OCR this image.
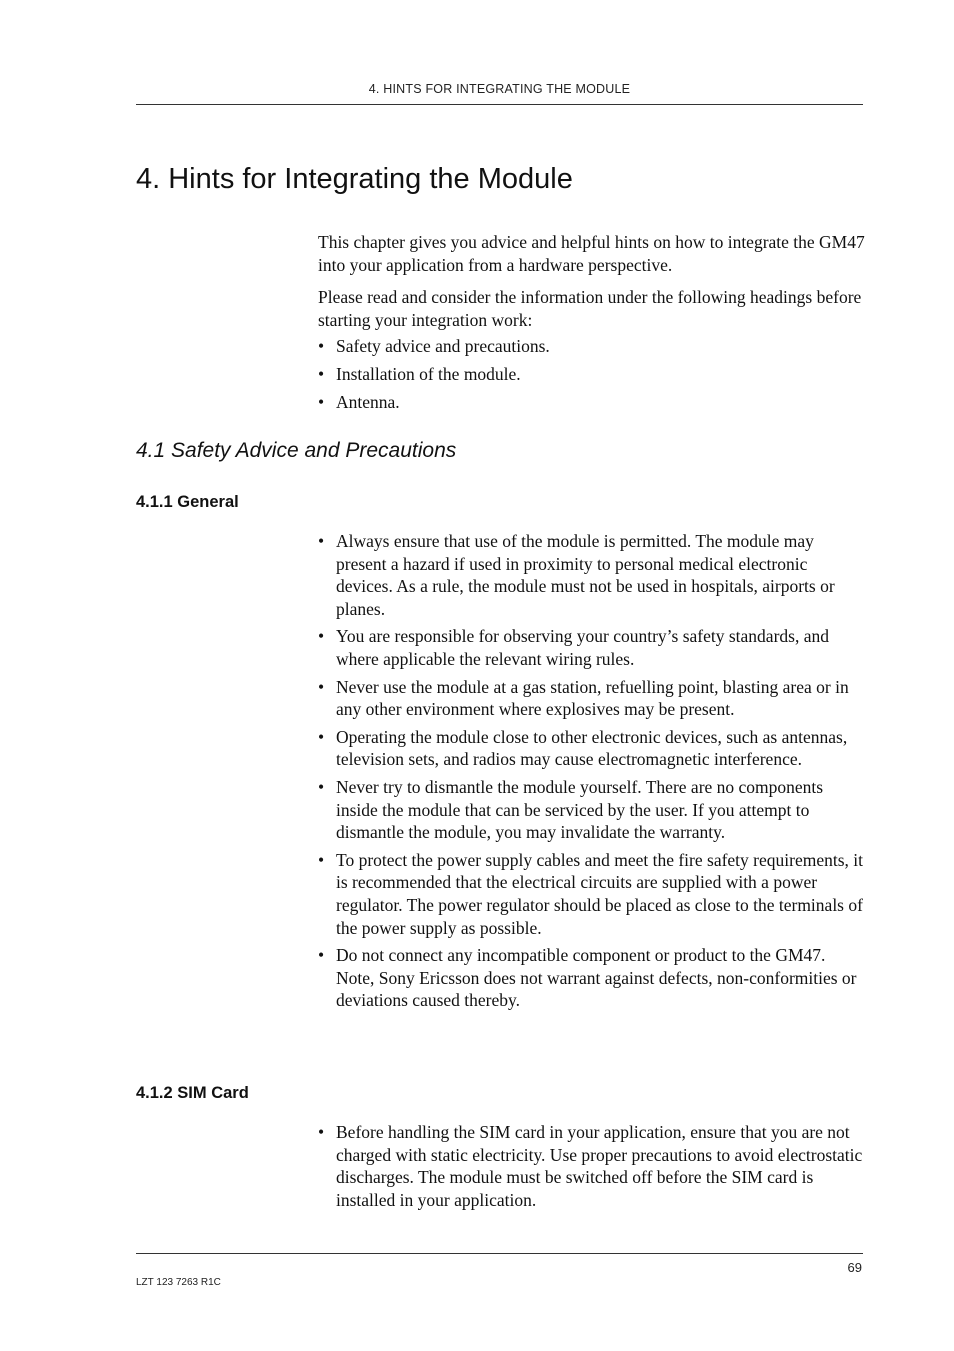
4. HINTS FOR INTEGRATING THE MODULE
4. Hints for Integrating the Module

This chapter gives you advice and helpful hints on how to integrate the GM47 into your application from a hardware perspective.

Please read and consider the information under the following headings before starting your integration work:

• Safety advice and precautions.
• Installation of the module.
• Antenna.
4.1 Safety Advice and Precautions
4.1.1 General
• Always ensure that use of the module is permitted. The module may present a hazard if used in proximity to personal medical electronic devices. As a rule, the module must not be used in hospitals, airports or planes.
• You are responsible for observing your country’s safety standards, and where applicable the relevant wiring rules.
• Never use the module at a gas station, refuelling point, blasting area or in any other environment where explosives may be present.
• Operating the module close to other electronic devices, such as antennas, television sets, and radios may cause electromagnetic interference.
• Never try to dismantle the module yourself. There are no components inside the module that can be serviced by the user. If you attempt to dismantle the module, you may invalidate the warranty.
• To protect the power supply cables and meet the fire safety requirements, it is recommended that the electrical circuits are supplied with a power regulator. The power regulator should be placed as close to the terminals of the power supply as possible.
• Do not connect any incompatible component or product to the GM47. Note, Sony Ericsson does not warrant against defects, non-conformities or deviations caused thereby.
4.1.2 SIM Card
• Before handling the SIM card in your application, ensure that you are not charged with static electricity. Use proper precautions to avoid electrostatic discharges. The module must be switched off before the SIM card is installed in your application.
69
LZT 123 7263 R1C
